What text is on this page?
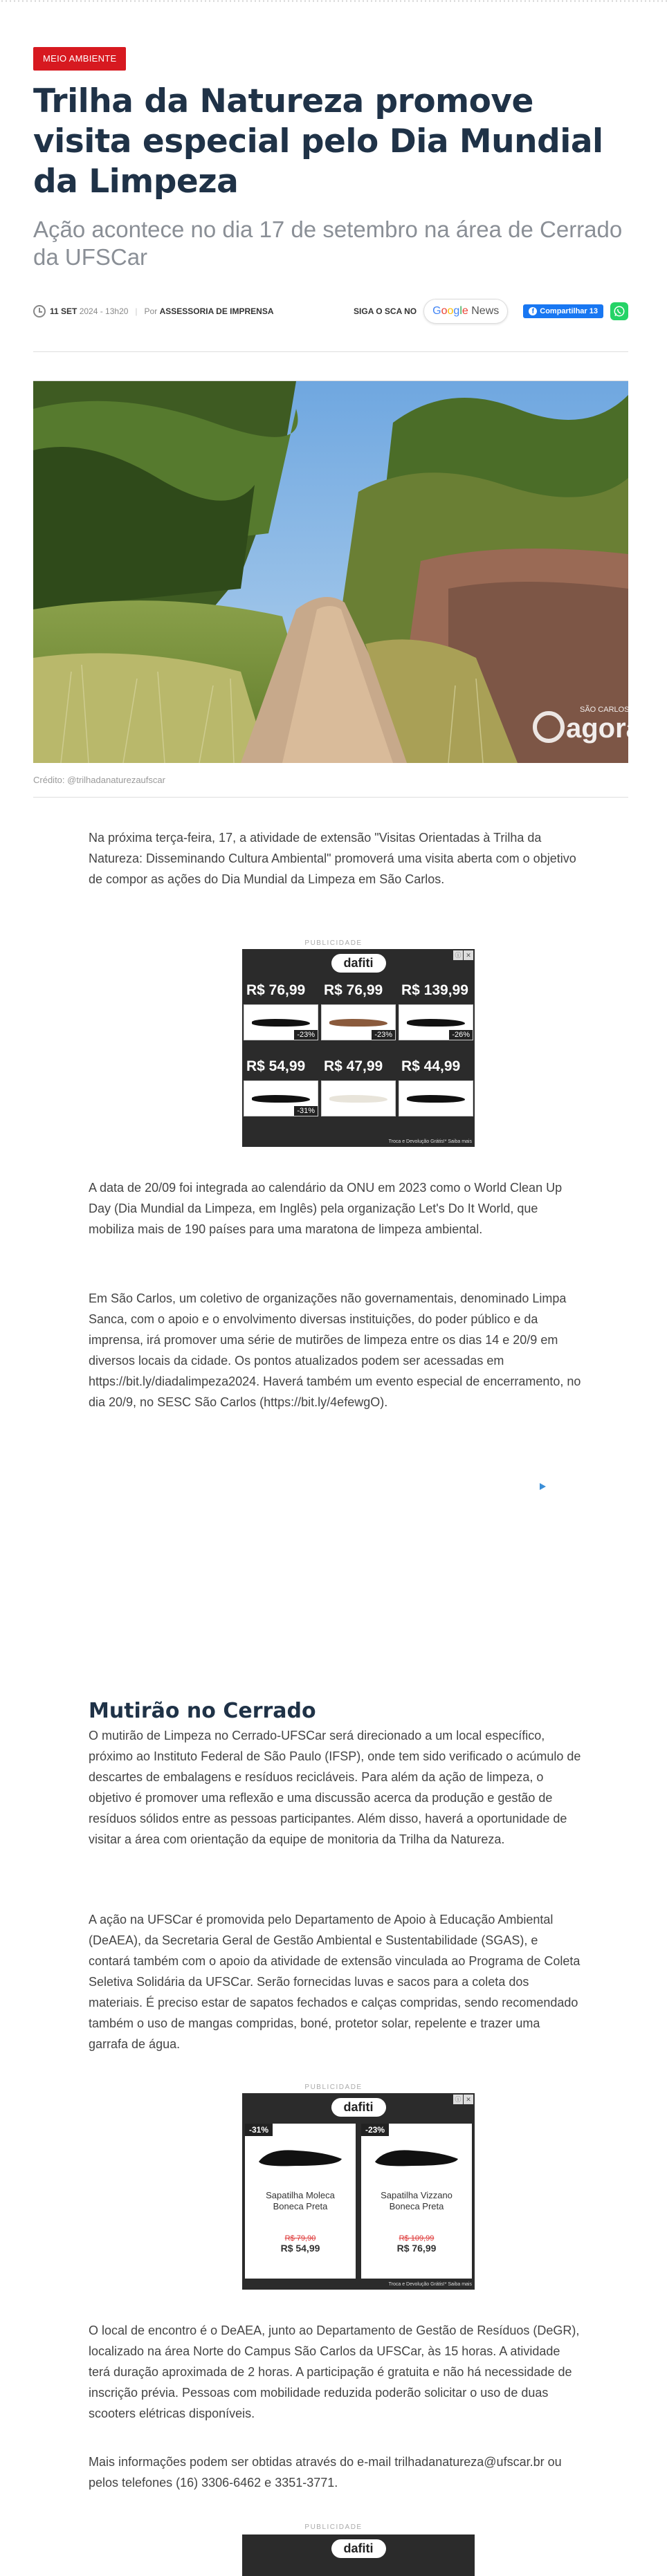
MEIO AMBIENTE
Trilha da Natureza promove visita especial pelo Dia Mundial da Limpeza
Ação acontece no dia 17 de setembro na área de Cerrado da UFSCar
11 SET 2024 - 13h20 | Por ASSESSORIA DE IMPRENSA	SIGA O SCA NO G o o g l e
News	f Compartilhar 13
SÃO CARLOS
agora
Crédito: @trilhadanaturezaufscar

Na próxima terça-feira, 17, a atividade de extensão "Visitas Orientadas à Trilha da Natureza: Disseminando Cultura Ambiental" promoverá uma visita aberta com o objetivo de compor as ações do Dia Mundial da Limpeza em São Carlos.

PUBLICIDADE
ⓘ ✕
dafiti
R$ 76,99	R$ 76,99	R$ 139,99
-23%	-23%	-26%
R$ 54,99	R$ 47,99	R$ 44,99
-31%
Troca e Devolução Grátis!* Saiba mais

A data de 20/09 foi integrada ao calendário da ONU em 2023 como o World Clean Up Day (Dia Mundial da Limpeza, em Inglês) pela organização Let's Do It World, que mobiliza mais de 190 países para uma maratona de limpeza ambiental.

Em São Carlos, um coletivo de organizações não governamentais, denominado Limpa Sanca, com o apoio e o envolvimento diversas instituições, do poder público e da imprensa, irá promover uma série de mutirões de limpeza entre os dias 14 e 20/9 em diversos locais da cidade. Os pontos atualizados podem ser acessadas em https://bit.ly/diadalimpeza2024. Haverá também um evento especial de encerramento, no dia 20/9, no SESC São Carlos (https://bit.ly/4efewgO).

Mutirão no Cerrado

O mutirão de Limpeza no Cerrado-UFSCar será direcionado a um local específico, próximo ao Instituto Federal de São Paulo (IFSP), onde tem sido verificado o acúmulo de descartes de embalagens e resíduos recicláveis. Para além da ação de limpeza, o objetivo é promover uma reflexão e uma discussão acerca da produção e gestão de resíduos sólidos entre as pessoas participantes. Além disso, haverá a oportunidade de visitar a área com orientação da equipe de monitoria da Trilha da Natureza.

A ação na UFSCar é promovida pelo Departamento de Apoio à Educação Ambiental (DeAEA), da Secretaria Geral de Gestão Ambiental e Sustentabilidade (SGAS), e contará também com o apoio da atividade de extensão vinculada ao Programa de Coleta Seletiva Solidária da UFSCar. Serão fornecidas luvas e sacos para a coleta dos materiais. É preciso estar de sapatos fechados e calças compridas, sendo recomendado também o uso de mangas compridas, boné, protetor solar, repelente e trazer uma garrafa de água.

PUBLICIDADE
ⓘ ✕
dafiti
-31%
Sapatilha Moleca Boneca Preta
R$ 79,90
R$ 54,99
-23%
Sapatilha Vizzano Boneca Preta
R$ 109,99
R$ 76,99
Troca e Devolução Grátis!* Saiba mais

O local de encontro é o DeAEA, junto ao Departamento de Gestão de Resíduos (DeGR), localizado na área Norte do Campus São Carlos da UFSCar, às 15 horas. A atividade terá duração aproximada de 2 horas. A participação é gratuita e não há necessidade de inscrição prévia. Pessoas com mobilidade reduzida poderão solicitar o uso de duas scooters elétricas disponíveis.

Mais informações podem ser obtidas através do e-mail trilhadanatureza@ufscar.br ou pelos telefones (16) 3306-6462 e 3351-3771.

PUBLICIDADE
dafiti
